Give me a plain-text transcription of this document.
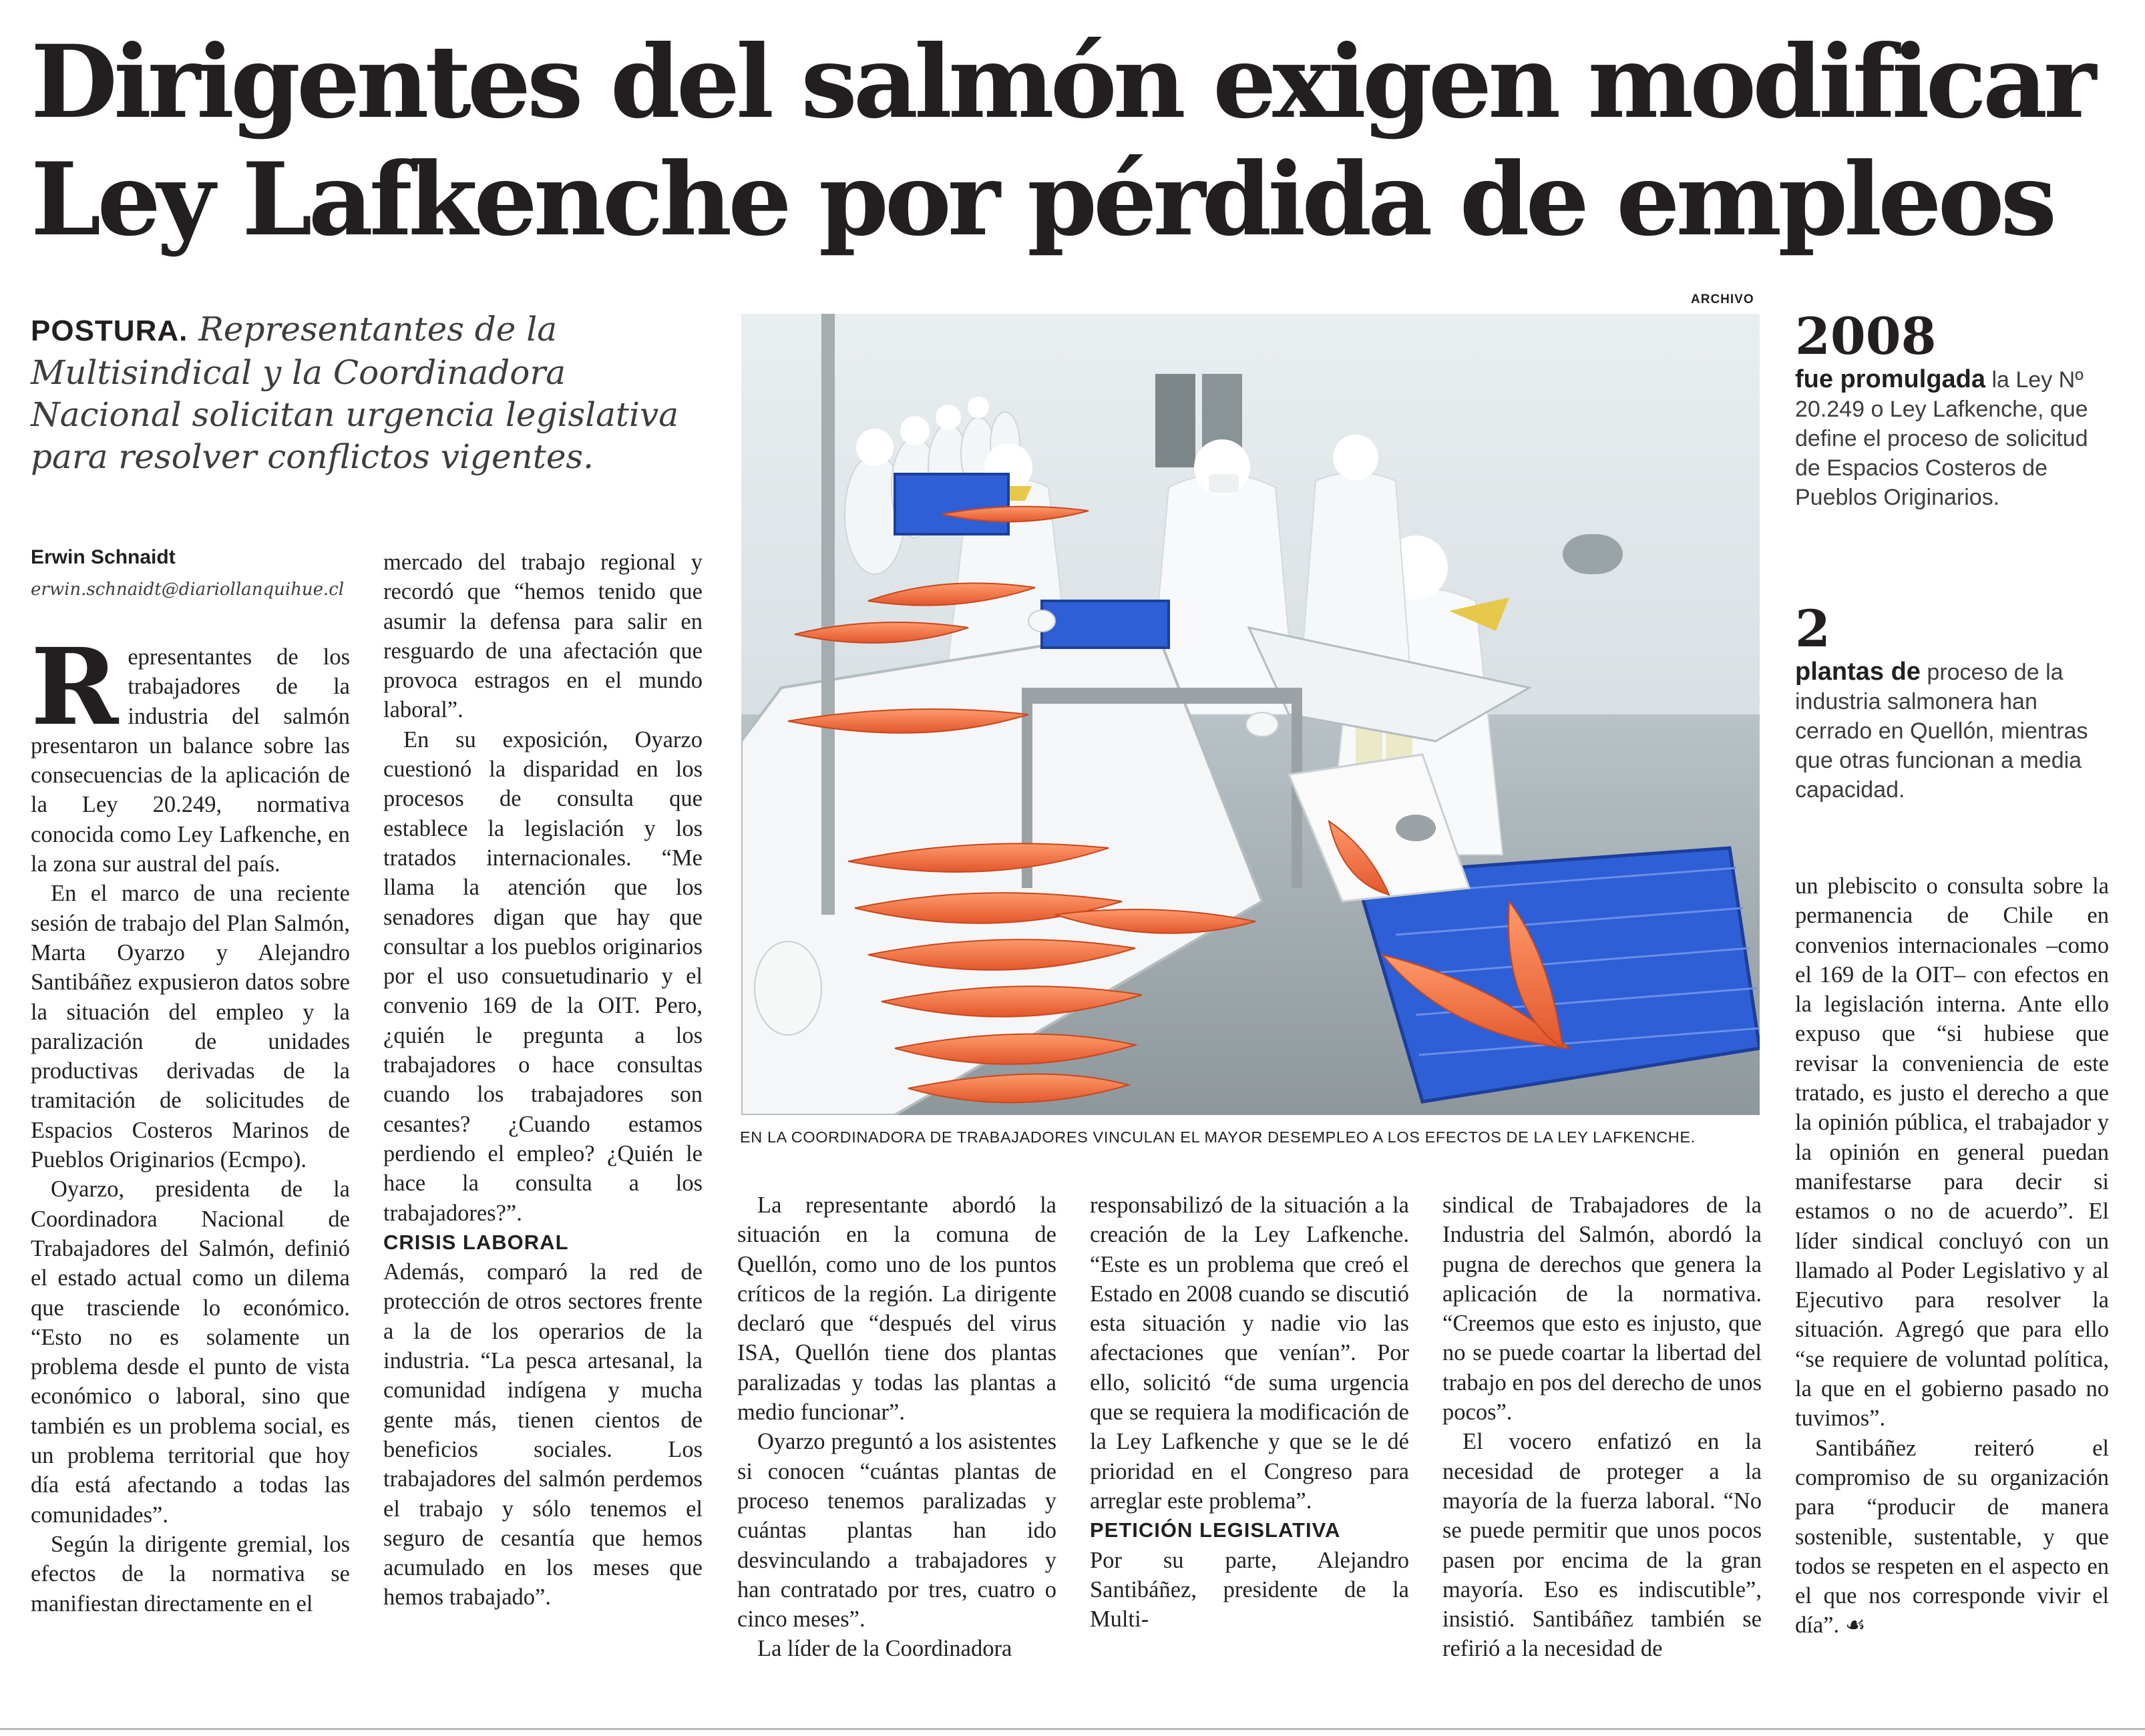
Dirigentes del salmón exigen modificar
Ley Lafkenche por pérdida de empleos
POSTURA. Representantes de la Multisindical y la Coordinadora Nacional solicitan urgencia legislativa para resolver conflictos vigentes.
Erwin Schnaidt
erwin.schnaidt@diariollanquihue.cl
R epresentantes de los trabajadores de la industria del salmón presentaron un balance sobre las consecuencias de la aplicación de la Ley 20.249, normativa conocida como Ley Lafkenche, en la zona sur austral del país.

En el marco de una reciente sesión de trabajo del Plan Salmón, Marta Oyarzo y Alejandro Santibáñez expusieron datos sobre la situación del empleo y la paralización de unidades productivas derivadas de la tramitación de solicitudes de Espacios Costeros Marinos de Pueblos Originarios (Ecmpo).

Oyarzo, presidenta de la Coordinadora Nacional de Trabajadores del Salmón, definió el estado actual como un dilema que trasciende lo económico. “Esto no es solamente un problema desde el punto de vista económico o laboral, sino que también es un problema social, es un problema territorial que hoy día está afectando a todas las comunidades”.

Según la dirigente gremial, los efectos de la normativa se manifiestan directamente en el

mercado del trabajo regional y recordó que “hemos tenido que asumir la defensa para salir en resguardo de una afectación que provoca estragos en el mundo laboral”.

En su exposición, Oyarzo cuestionó la disparidad en los procesos de consulta que establece la legislación y los tratados internacionales. “Me llama la atención que los senadores digan que hay que consultar a los pueblos originarios por el uso consuetudinario y el convenio 169 de la OIT. Pero, ¿quién le pregunta a los trabajadores o hace consultas cuando los trabajadores son cesantes? ¿Cuando estamos perdiendo el empleo? ¿Quién le hace la consulta a los trabajadores?”.

CRISIS LABORAL

Además, comparó la red de protección de otros sectores frente a la de los operarios de la industria. “La pesca artesanal, la comunidad indígena y mucha gente más, tienen cientos de beneficios sociales. Los trabajadores del salmón perdemos el trabajo y sólo tenemos el seguro de cesantía que hemos acumulado en los meses que hemos trabajado”.

ARCHIVO
EN LA COORDINADORA DE TRABAJADORES VINCULAN EL MAYOR DESEMPLEO A LOS EFECTOS DE LA LEY LAFKENCHE.

La representante abordó la situación en la comuna de Quellón, como uno de los puntos críticos de la región. La dirigente declaró que “después del virus ISA, Quellón tiene dos plantas paralizadas y todas las plantas a medio funcionar”.

Oyarzo preguntó a los asistentes si conocen “cuántas plantas de proceso tenemos paralizadas y cuántas plantas han ido desvinculando a trabajadores y han contratado por tres, cuatro o cinco meses”.

La líder de la Coordinadora

responsabilizó de la situación a la creación de la Ley Lafkenche. “Este es un problema que creó el Estado en 2008 cuando se discutió esta situación y nadie vio las afectaciones que venían”. Por ello, solicitó “de suma urgencia que se requiera la modificación de la Ley Lafkenche y que se le dé prioridad en el Congreso para arreglar este problema”.

PETICIÓN LEGISLATIVA

Por su parte, Alejandro Santibáñez, presidente de la Multi-

sindical de Trabajadores de la Industria del Salmón, abordó la pugna de derechos que genera la aplicación de la normativa. “Creemos que esto es injusto, que no se puede coartar la libertad del trabajo en pos del derecho de unos pocos”.

El vocero enfatizó en la necesidad de proteger a la mayoría de la fuerza laboral. “No se puede permitir que unos pocos pasen por encima de la gran mayoría. Eso es indiscutible”, insistió. Santibáñez también se refirió a la necesidad de

2008
fue promulgada la Ley Nº 20.249 o Ley Lafkenche, que define el proceso de solicitud de Espacios Costeros de Pueblos Originarios.
2
plantas de proceso de la industria salmonera han cerrado en Quellón, mientras que otras funcionan a media capacidad.

un plebiscito o consulta sobre la permanencia de Chile en convenios internacionales –como el 169 de la OIT– con efectos en la legislación interna. Ante ello expuso que “si hubiese que revisar la conveniencia de este tratado, es justo el derecho a que la opinión pública, el trabajador y la opinión en general puedan manifestarse para decir si estamos o no de acuerdo”. El líder sindical concluyó con un llamado al Poder Legislativo y al Ejecutivo para resolver la situación. Agregó que para ello “se requiere de voluntad política, la que en el gobierno pasado no tuvimos”.

Santibáñez reiteró el compromiso de su organización para “producir de manera sostenible, sustentable, y que todos se respeten en el aspecto en el que nos corresponde vivir el día”. ☙
